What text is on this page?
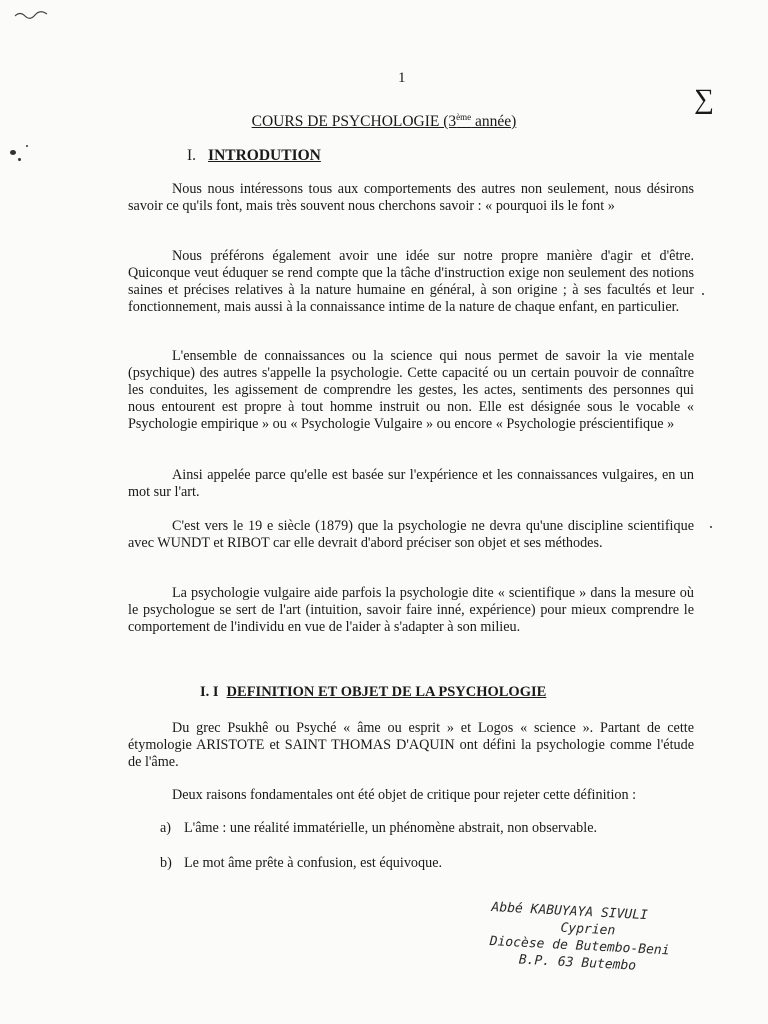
1
∑
COURS DE PSYCHOLOGIE (3ème année)
I. INTRODUTION
Nous nous intéressons tous aux comportements des autres non seulement, nous désirons savoir ce qu'ils font, mais très souvent nous cherchons savoir : « pourquoi ils le font »
Nous préférons également avoir une idée sur notre propre manière d'agir et d'être. Quiconque veut éduquer se rend compte que la tâche d'instruction exige non seulement des notions saines et précises relatives à la nature humaine en général, à son origine ; à ses facultés et leur fonctionnement, mais aussi à la connaissance intime de la nature de chaque enfant, en particulier.
L'ensemble de connaissances ou la science qui nous permet de savoir la vie mentale (psychique) des autres s'appelle la psychologie. Cette capacité ou un certain pouvoir de connaître les conduites, les agissement de comprendre les gestes, les actes, sentiments des personnes qui nous entourent est propre à tout homme instruit ou non. Elle est désignée sous le vocable « Psychologie empirique » ou « Psychologie Vulgaire » ou encore « Psychologie préscientifique »
Ainsi appelée parce qu'elle est basée sur l'expérience et les connaissances vulgaires, en un mot sur l'art.
C'est vers le 19 e siècle (1879) que la psychologie ne devra qu'une discipline scientifique avec WUNDT et RIBOT car elle devrait d'abord préciser son objet et ses méthodes.
La psychologie vulgaire aide parfois la psychologie dite « scientifique » dans la mesure où le psychologue se sert de l'art (intuition, savoir faire inné, expérience) pour mieux comprendre le comportement de l'individu en vue de l'aider à s'adapter à son milieu.
I. I DEFINITION ET OBJET DE LA PSYCHOLOGIE
Du grec Psukhê ou Psyché « âme ou esprit » et Logos « science ». Partant de cette étymologie ARISTOTE et SAINT THOMAS D'AQUIN ont défini la psychologie comme l'étude de l'âme.
Deux raisons fondamentales ont été objet de critique pour rejeter cette définition :
a) L'âme : une réalité immatérielle, un phénomène abstrait, non observable.
b) Le mot âme prête à confusion, est équivoque.
Abbé KABUYAYA SIVULI
Cyprien
Diocèse de Butembo-Beni
B.P. 63 Butembo
